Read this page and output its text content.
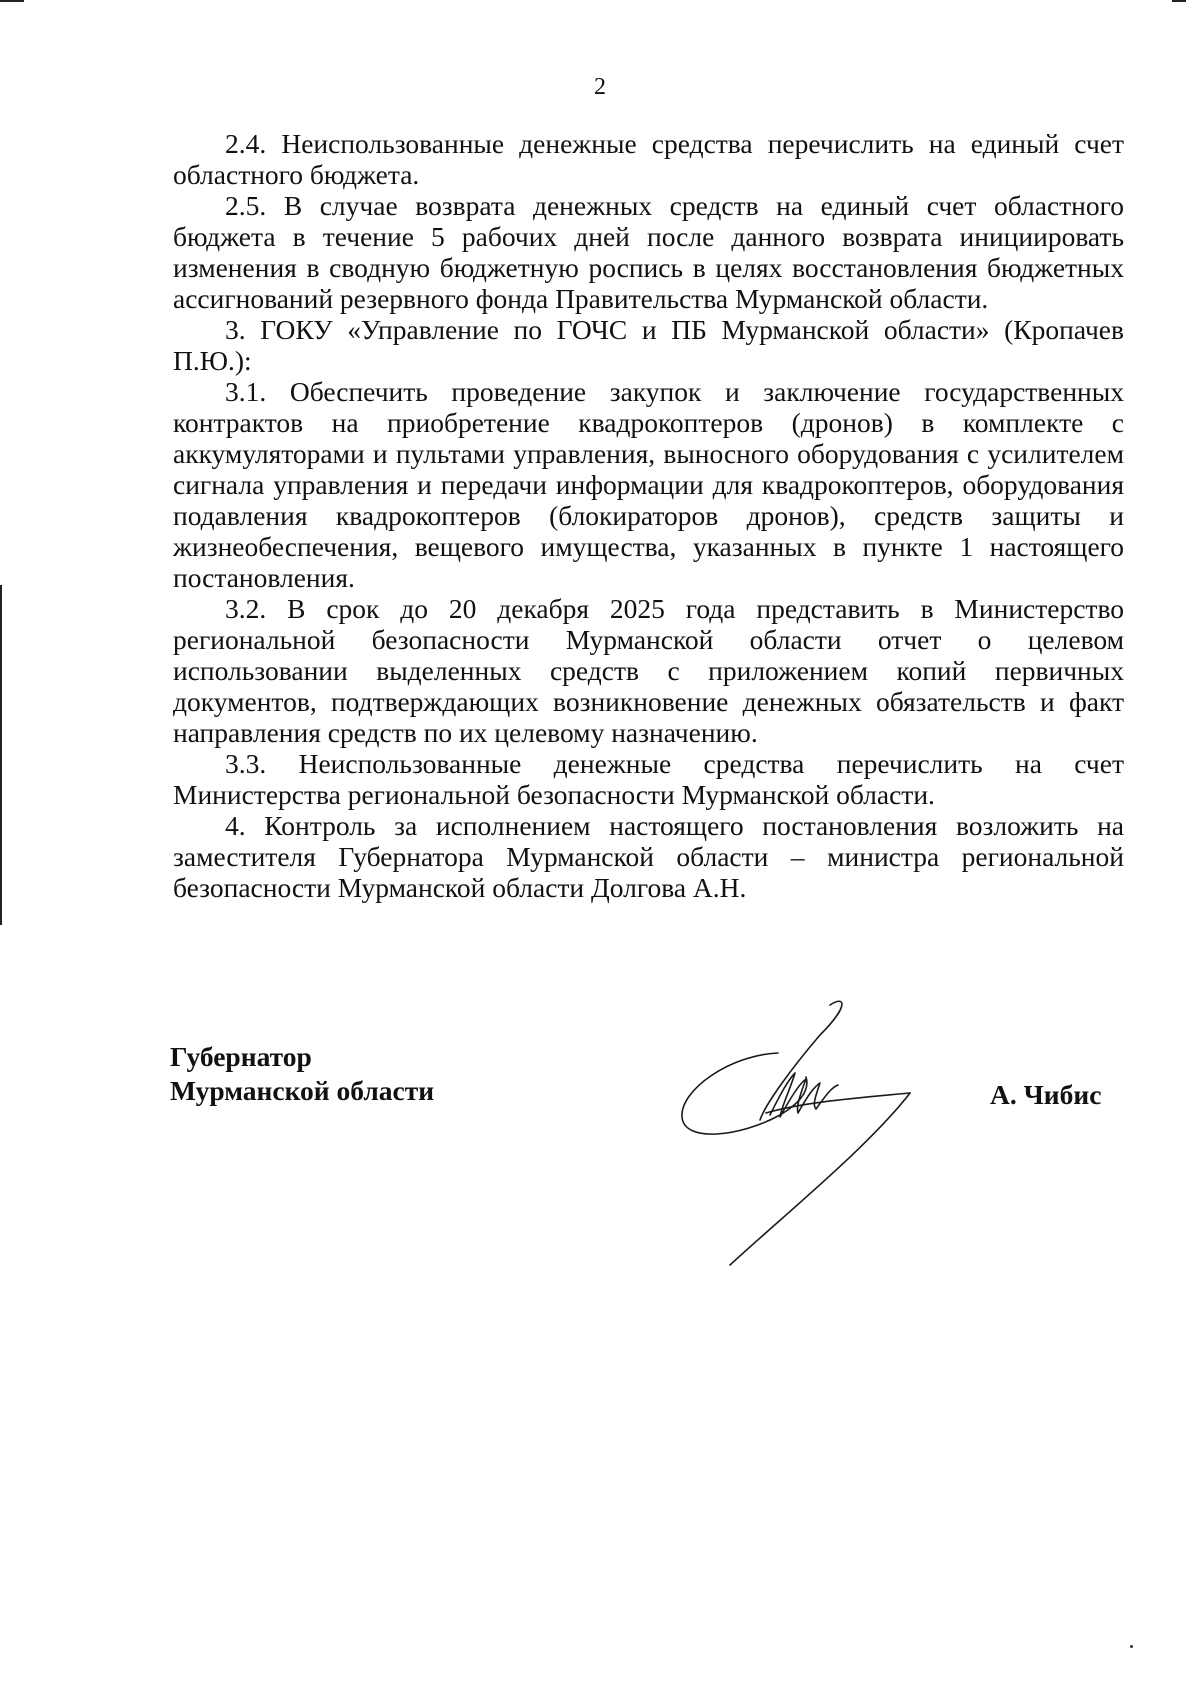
2

2.4. Неиспользованные денежные средства перечислить на единый счет областного бюджета.

2.5. В случае возврата денежных средств на единый счет областного бюджета в течение 5 рабочих дней после данного возврата инициировать изменения в сводную бюджетную роспись в целях восстановления бюджетных ассигнований резервного фонда Правительства Мурманской области.

3. ГОКУ «Управление по ГОЧС и ПБ Мурманской области» (Кропачев П.Ю.):

3.1. Обеспечить проведение закупок и заключение государственных контрактов на приобретение квадрокоптеров (дронов) в комплекте с аккумуляторами и пультами управления, выносного оборудования с усилителем сигнала управления и передачи информации для квадрокоптеров, оборудования подавления квадрокоптеров (блокираторов дронов), средств защиты и жизнеобеспечения, вещевого имущества, указанных в пункте 1 настоящего постановления.

3.2. В срок до 20 декабря 2025 года представить в Министерство региональной безопасности Мурманской области отчет о целевом использовании выделенных средств с приложением копий первичных документов, подтверждающих возникновение денежных обязательств и факт направления средств по их целевому назначению.

3.3. Неиспользованные денежные средства перечислить на счет Министерства региональной безопасности Мурманской области.

4. Контроль за исполнением настоящего постановления возложить на заместителя Губернатора Мурманской области – министра региональной безопасности Мурманской области Долгова А.Н.

Губернатор
Мурманской области	А. Чибис
